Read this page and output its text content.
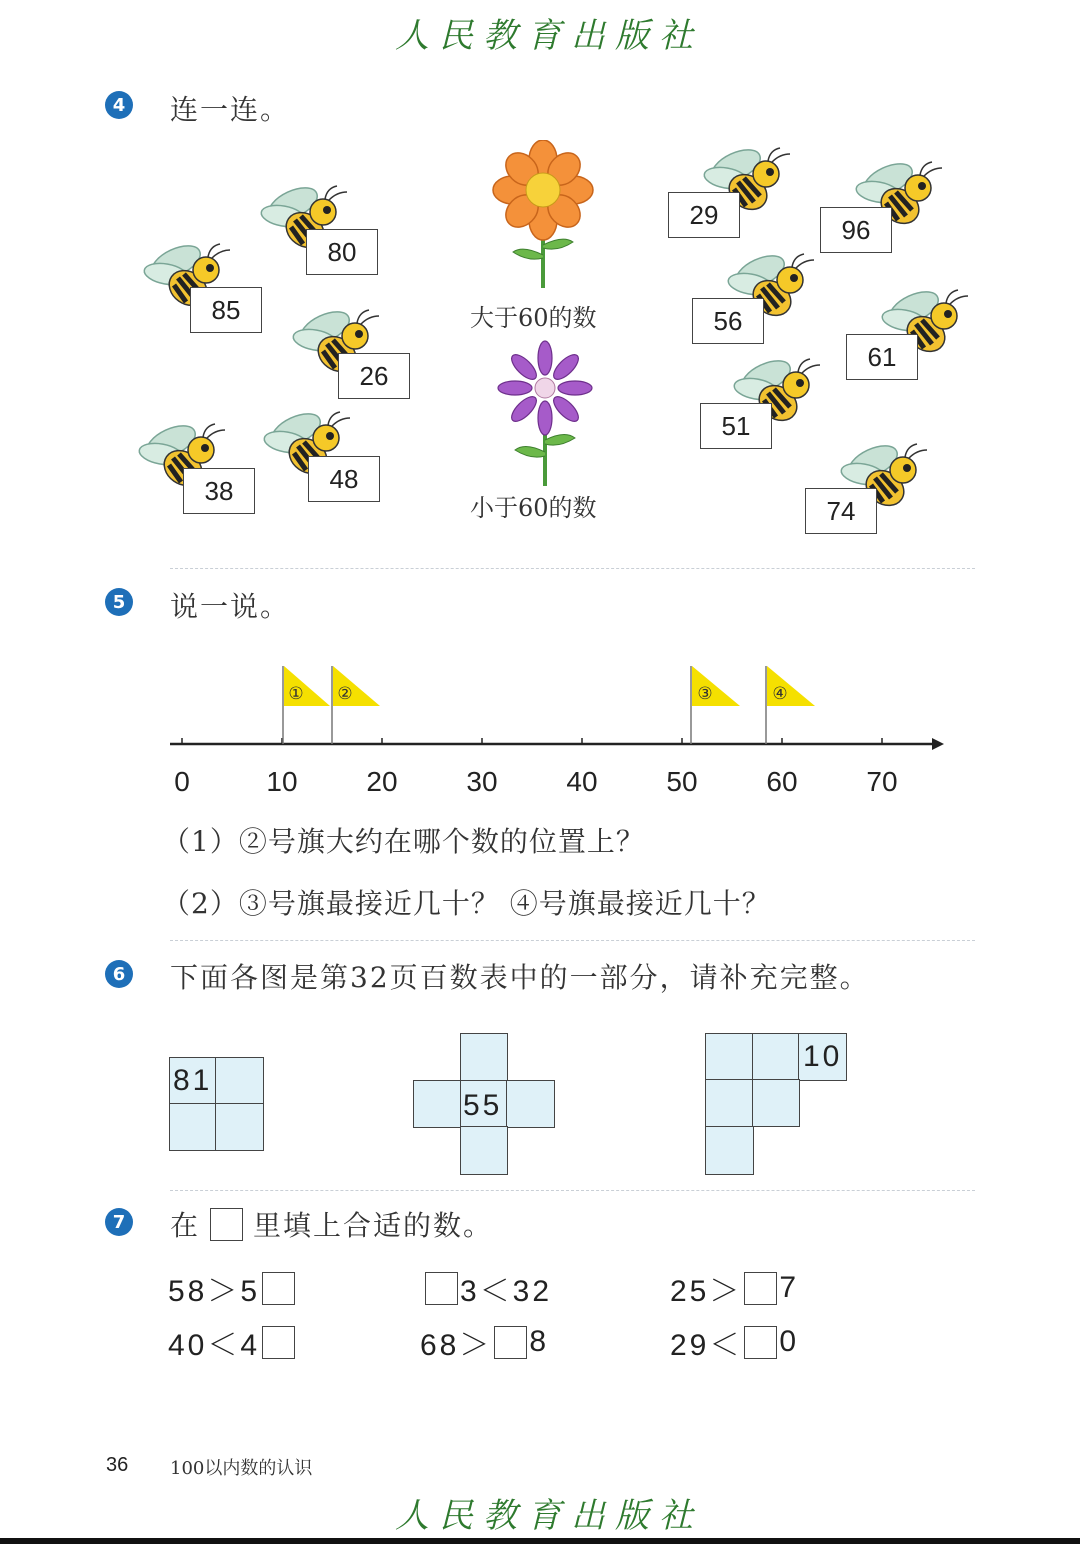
人民教育出版社
4 连一连。
80
85
26
38	48
大于60的数
小于60的数
29	96
56
61
51
74
5 说一说。
① ②	③	④
0	10	20	30	40	50	60	70
（1）②号旗大约在哪个数的位置上？
（2）③号旗最接近几十？ ④号旗最接近几十？
6 下面各图是第32页百数表中的一部分，请补充完整。
81
55
10
7 在 里填上合适的数。
58＞5	3＜32	25＞ 7
40＜4	68＞ 8	29＜ 0
36 100以内数的认识
人民教育出版社
